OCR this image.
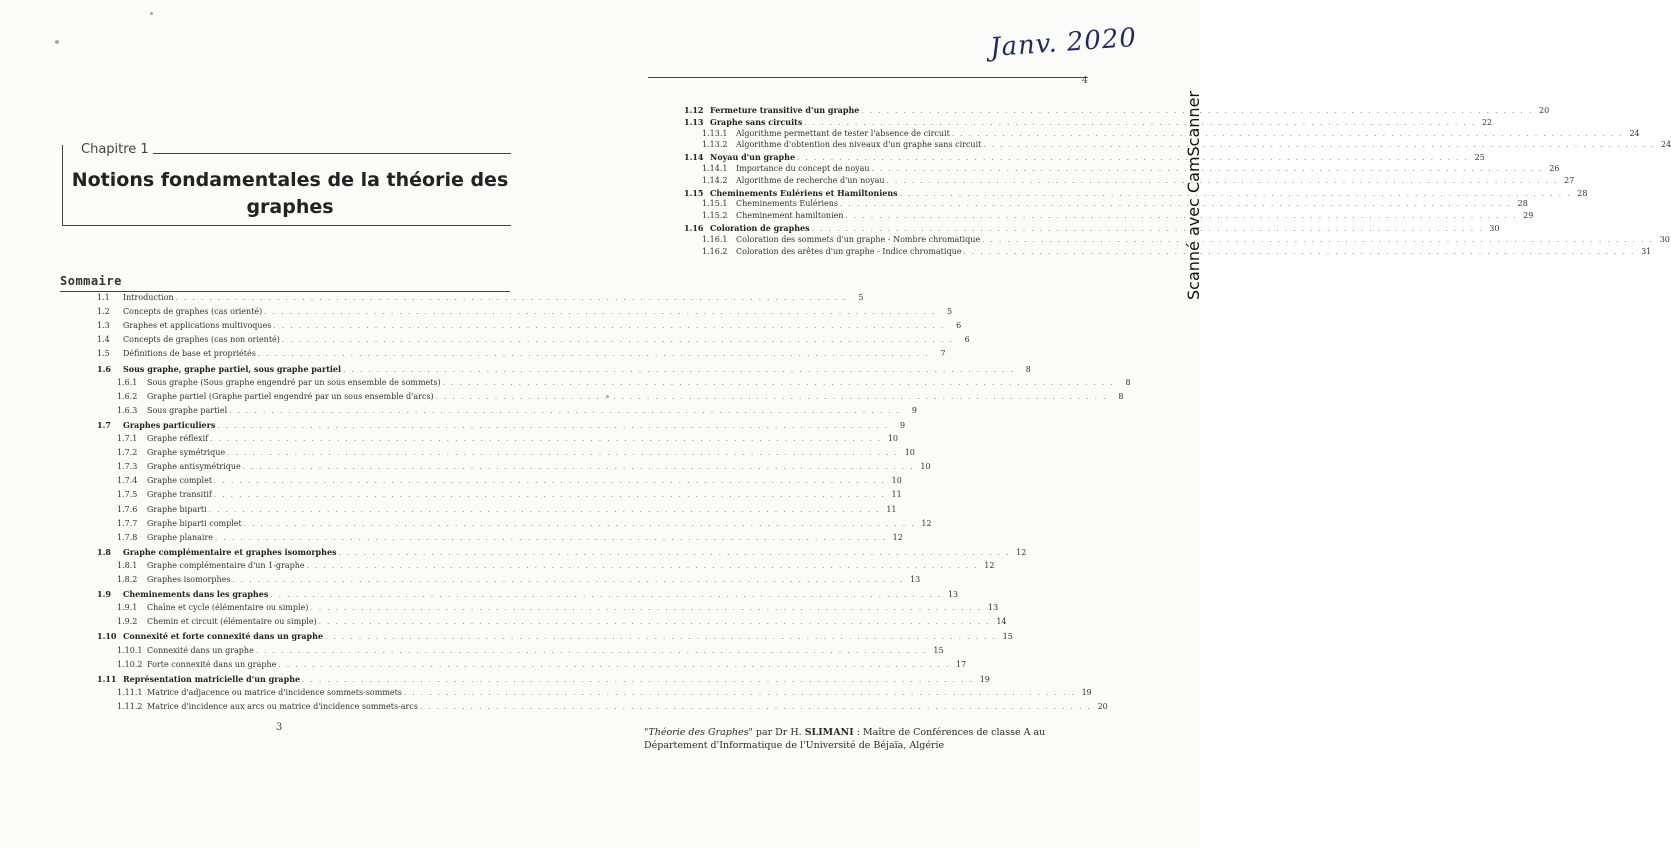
Janv. 2020
Chapitre 1
Notions fondamentales de la théorie des graphes
Sommaire
1.1	Introduction . . . . . . . . . . . . . . . . . . . . . . . . . . . . . . . . . . . . . . . . . . . . . . . . . . . . . . . . . . . . . . . . . . . . . . . . . . . . . . . .	5
1.2	Concepts de graphes (cas orienté) . . . . . . . . . . . . . . . . . . . . . . . . . . . . . . . . . . . . . . . . . . . . . . . . . . . . . . . . . . . . . . . . . . . . . . . . . . . . . . . .	5
1.3	Graphes et applications multivoques . . . . . . . . . . . . . . . . . . . . . . . . . . . . . . . . . . . . . . . . . . . . . . . . . . . . . . . . . . . . . . . . . . . . . . . . . . . . . . . .	6
1.4	Concepts de graphes (cas non orienté) . . . . . . . . . . . . . . . . . . . . . . . . . . . . . . . . . . . . . . . . . . . . . . . . . . . . . . . . . . . . . . . . . . . . . . . . . . . . . . . .	6
1.5	Définitions de base et propriétés . . . . . . . . . . . . . . . . . . . . . . . . . . . . . . . . . . . . . . . . . . . . . . . . . . . . . . . . . . . . . . . . . . . . . . . . . . . . . . . .	7
1.6	Sous graphe, graphe partiel, sous graphe partiel . . . . . . . . . . . . . . . . . . . . . . . . . . . . . . . . . . . . . . . . . . . . . . . . . . . . . . . . . . . . . . . . . . . . . . . . . . . . . . . .	8
1.6.1	Sous graphe (Sous graphe engendré par un sous ensemble de sommets) . . . . . . . . . . . . . . . . . . . . . . . . . . . . . . . . . . . . . . . . . . . . . . . . . . . . . . . . . . . . . . . . . . . . . . . . . . . . . . . .	8
1.6.2	Graphe partiel (Graphe partiel engendré par un sous ensemble d'arcs) . . . . . . . . . . . . . . . . . . . . . . . . . . . . . . . . . . . . . . . . . . . . . . . . . . . . . . . . . . . . . . . . . . . . . . . . . . . . . . . .	8
1.6.3	Sous graphe partiel . . . . . . . . . . . . . . . . . . . . . . . . . . . . . . . . . . . . . . . . . . . . . . . . . . . . . . . . . . . . . . . . . . . . . . . . . . . . . . . .	9
1.7	Graphes particuliers . . . . . . . . . . . . . . . . . . . . . . . . . . . . . . . . . . . . . . . . . . . . . . . . . . . . . . . . . . . . . . . . . . . . . . . . . . . . . . . .	9
1.7.1	Graphe réflexif . . . . . . . . . . . . . . . . . . . . . . . . . . . . . . . . . . . . . . . . . . . . . . . . . . . . . . . . . . . . . . . . . . . . . . . . . . . . . . . . 10
1.7.2	Graphe symétrique . . . . . . . . . . . . . . . . . . . . . . . . . . . . . . . . . . . . . . . . . . . . . . . . . . . . . . . . . . . . . . . . . . . . . . . . . . . . . . . . 10
1.7.3	Graphe antisymétrique . . . . . . . . . . . . . . . . . . . . . . . . . . . . . . . . . . . . . . . . . . . . . . . . . . . . . . . . . . . . . . . . . . . . . . . . . . . . . . . . 10
1.7.4	Graphe complet . . . . . . . . . . . . . . . . . . . . . . . . . . . . . . . . . . . . . . . . . . . . . . . . . . . . . . . . . . . . . . . . . . . . . . . . . . . . . . . . 10
1.7.5	Graphe transitif . . . . . . . . . . . . . . . . . . . . . . . . . . . . . . . . . . . . . . . . . . . . . . . . . . . . . . . . . . . . . . . . . . . . . . . . . . . . . . . . 11
1.7.6	Graphe biparti . . . . . . . . . . . . . . . . . . . . . . . . . . . . . . . . . . . . . . . . . . . . . . . . . . . . . . . . . . . . . . . . . . . . . . . . . . . . . . . . 11
1.7.7	Graphe biparti complet . . . . . . . . . . . . . . . . . . . . . . . . . . . . . . . . . . . . . . . . . . . . . . . . . . . . . . . . . . . . . . . . . . . . . . . . . . . . . . . . 12
1.7.8	Graphe planaire . . . . . . . . . . . . . . . . . . . . . . . . . . . . . . . . . . . . . . . . . . . . . . . . . . . . . . . . . . . . . . . . . . . . . . . . . . . . . . . . 12
1.8	Graphe complémentaire et graphes isomorphes . . . . . . . . . . . . . . . . . . . . . . . . . . . . . . . . . . . . . . . . . . . . . . . . . . . . . . . . . . . . . . . . . . . . . . . . . . . . . . . . 12
1.8.1	Graphe complémentaire d'un 1-graphe . . . . . . . . . . . . . . . . . . . . . . . . . . . . . . . . . . . . . . . . . . . . . . . . . . . . . . . . . . . . . . . . . . . . . . . . . . . . . . . . 12
1.8.2	Graphes isomorphes . . . . . . . . . . . . . . . . . . . . . . . . . . . . . . . . . . . . . . . . . . . . . . . . . . . . . . . . . . . . . . . . . . . . . . . . . . . . . . . . 13
1.9	Cheminements dans les graphes . . . . . . . . . . . . . . . . . . . . . . . . . . . . . . . . . . . . . . . . . . . . . . . . . . . . . . . . . . . . . . . . . . . . . . . . . . . . . . . . 13
1.9.1	Chaîne et cycle (élémentaire ou simple) . . . . . . . . . . . . . . . . . . . . . . . . . . . . . . . . . . . . . . . . . . . . . . . . . . . . . . . . . . . . . . . . . . . . . . . . . . . . . . . . 13
1.9.2	Chemin et circuit (élémentaire ou simple) . . . . . . . . . . . . . . . . . . . . . . . . . . . . . . . . . . . . . . . . . . . . . . . . . . . . . . . . . . . . . . . . . . . . . . . . . . . . . . . . 14
1.10 Connexité et forte connexité dans un graphe . . . . . . . . . . . . . . . . . . . . . . . . . . . . . . . . . . . . . . . . . . . . . . . . . . . . . . . . . . . . . . . . . . . . . . . . . . . . . . . . 15
1.10.1 Connexité dans un graphe . . . . . . . . . . . . . . . . . . . . . . . . . . . . . . . . . . . . . . . . . . . . . . . . . . . . . . . . . . . . . . . . . . . . . . . . . . . . . . . . 15
1.10.2 Forte connexité dans un graphe . . . . . . . . . . . . . . . . . . . . . . . . . . . . . . . . . . . . . . . . . . . . . . . . . . . . . . . . . . . . . . . . . . . . . . . . . . . . . . . . 17
1.11 Représentation matricielle d'un graphe . . . . . . . . . . . . . . . . . . . . . . . . . . . . . . . . . . . . . . . . . . . . . . . . . . . . . . . . . . . . . . . . . . . . . . . . . . . . . . . . 19
1.11.1 Matrice d'adjacence ou matrice d'incidence sommets-sommets . . . . . . . . . . . . . . . . . . . . . . . . . . . . . . . . . . . . . . . . . . . . . . . . . . . . . . . . . . . . . . . . . . . . . . . . . . . . . . . . 19
1.11.2 Matrice d'incidence aux arcs ou matrice d'incidence sommets-arcs . . . . . . . . . . . . . . . . . . . . . . . . . . . . . . . . . . . . . . . . . . . . . . . . . . . . . . . . . . . . . . . . . . . . . . . . . . . . . . . . 20
3
4
1.12 Fermeture transitive d'un graphe . . . . . . . . . . . . . . . . . . . . . . . . . . . . . . . . . . . . . . . . . . . . . . . . . . . . . . . . . . . . . . . . . . . . . . . . . . . . . . . . 20
1.13 Graphe sans circuits . . . . . . . . . . . . . . . . . . . . . . . . . . . . . . . . . . . . . . . . . . . . . . . . . . . . . . . . . . . . . . . . . . . . . . . . . . . . . . . . 22
1.13.1	Algorithme permettant de tester l'absence de circuit . . . . . . . . . . . . . . . . . . . . . . . . . . . . . . . . . . . . . . . . . . . . . . . . . . . . . . . . . . . . . . . . . . . . . . . . . . . . . . . . 24
1.13.2	Algorithme d'obtention des niveaux d'un graphe sans circuit . . . . . . . . . . . . . . . . . . . . . . . . . . . . . . . . . . . . . . . . . . . . . . . . . . . . . . . . . . . . . . . . . . . . . . . . . . . . . . . . 24
1.14 Noyau d'un graphe . . . . . . . . . . . . . . . . . . . . . . . . . . . . . . . . . . . . . . . . . . . . . . . . . . . . . . . . . . . . . . . . . . . . . . . . . . . . . . . . 25
1.14.1	Importance du concept de noyau . . . . . . . . . . . . . . . . . . . . . . . . . . . . . . . . . . . . . . . . . . . . . . . . . . . . . . . . . . . . . . . . . . . . . . . . . . . . . . . . 26
1.14.2	Algorithme de recherche d'un noyau . . . . . . . . . . . . . . . . . . . . . . . . . . . . . . . . . . . . . . . . . . . . . . . . . . . . . . . . . . . . . . . . . . . . . . . . . . . . . . . . 27
1.15 Cheminements Eulériens et Hamiltoniens . . . . . . . . . . . . . . . . . . . . . . . . . . . . . . . . . . . . . . . . . . . . . . . . . . . . . . . . . . . . . . . . . . . . . . . . . . . . . . . . 28
1.15.1	Cheminements Eulériens . . . . . . . . . . . . . . . . . . . . . . . . . . . . . . . . . . . . . . . . . . . . . . . . . . . . . . . . . . . . . . . . . . . . . . . . . . . . . . . . 28
1.15.2	Cheminement hamiltonien . . . . . . . . . . . . . . . . . . . . . . . . . . . . . . . . . . . . . . . . . . . . . . . . . . . . . . . . . . . . . . . . . . . . . . . . . . . . . . . . 29
1.16 Coloration de graphes . . . . . . . . . . . . . . . . . . . . . . . . . . . . . . . . . . . . . . . . . . . . . . . . . . . . . . . . . . . . . . . . . . . . . . . . . . . . . . . . 30
1.16.1	Coloration des sommets d'un graphe - Nombre chromatique . . . . . . . . . . . . . . . . . . . . . . . . . . . . . . . . . . . . . . . . . . . . . . . . . . . . . . . . . . . . . . . . . . . . . . . . . . . . . . . . 30
1.16.2	Coloration des arêtes d'un graphe - Indice chromatique . . . . . . . . . . . . . . . . . . . . . . . . . . . . . . . . . . . . . . . . . . . . . . . . . . . . . . . . . . . . . . . . . . . . . . . . . . . . . . . . 31
"Théorie des Graphes" par Dr H. SLIMANI : Maître de Conférences de classe A au Département d'Informatique de l'Université de Béjaïa, Algérie
Scanné avec CamScanner
